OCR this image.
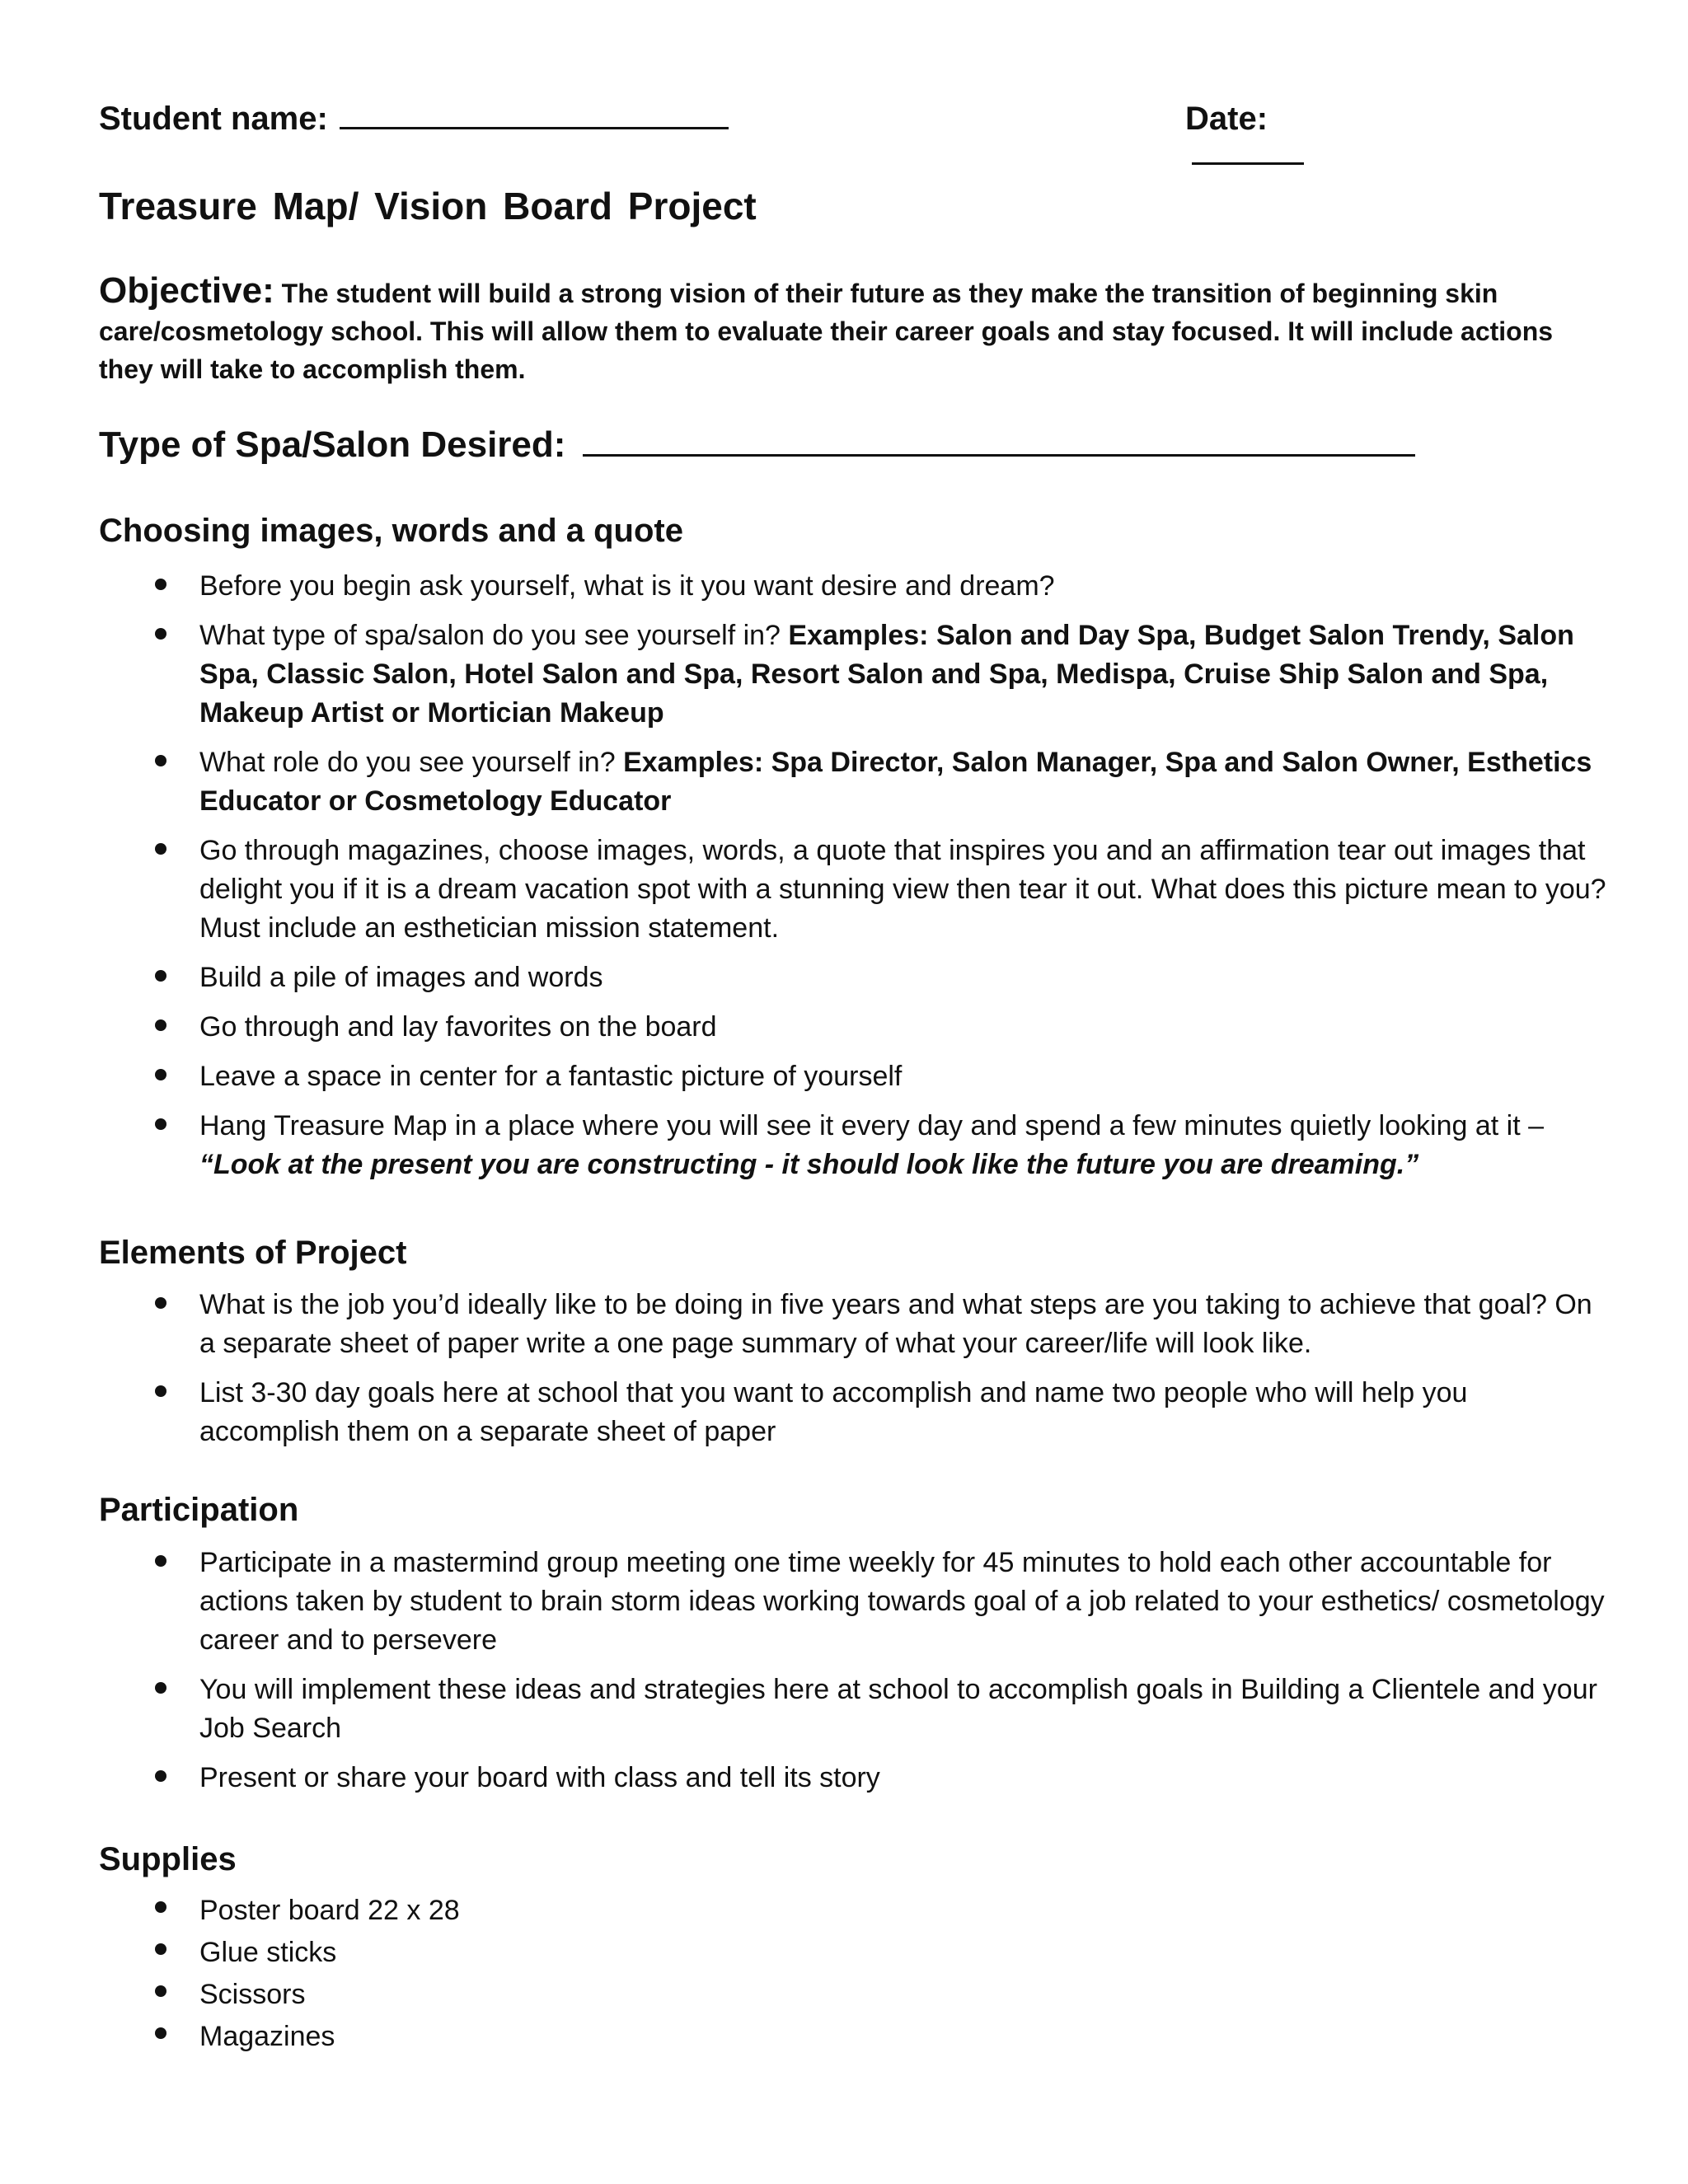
Student name:	Date:
Treasure Map/ Vision Board Project
Objective: The student will build a strong vision of their future as they make the transition of beginning skin care/cosmetology school. This will allow them to evaluate their career goals and stay focused. It will include actions they will take to accomplish them.
Type of Spa/Salon Desired:
Choosing images, words and a quote
Before you begin ask yourself, what is it you want desire and dream?
What type of spa/salon do you see yourself in? Examples: Salon and Day Spa, Budget Salon Trendy, Salon Spa, Classic Salon, Hotel Salon and Spa, Resort Salon and Spa, Medispa, Cruise Ship Salon and Spa, Makeup Artist or Mortician Makeup
What role do you see yourself in? Examples: Spa Director, Salon Manager, Spa and Salon Owner, Esthetics Educator or Cosmetology Educator
Go through magazines, choose images, words, a quote that inspires you and an affirmation tear out images that delight you if it is a dream vacation spot with a stunning view then tear it out. What does this picture mean to you? Must include an esthetician mission statement.
Build a pile of images and words
Go through and lay favorites on the board
Leave a space in center for a fantastic picture of yourself
Hang Treasure Map in a place where you will see it every day and spend a few minutes quietly looking at it – “Look at the present you are constructing - it should look like the future you are dreaming.”
Elements of Project
What is the job you’d ideally like to be doing in five years and what steps are you taking to achieve that goal? On a separate sheet of paper write a one page summary of what your career/life will look like.
List 3-30 day goals here at school that you want to accomplish and name two people who will help you accomplish them on a separate sheet of paper
Participation
Participate in a mastermind group meeting one time weekly for 45 minutes to hold each other accountable for actions taken by student to brain storm ideas working towards goal of a job related to your esthetics/ cosmetology career and to persevere
You will implement these ideas and strategies here at school to accomplish goals in Building a Clientele and your Job Search
Present or share your board with class and tell its story
Supplies
Poster board 22 x 28
Glue sticks
Scissors
Magazines
